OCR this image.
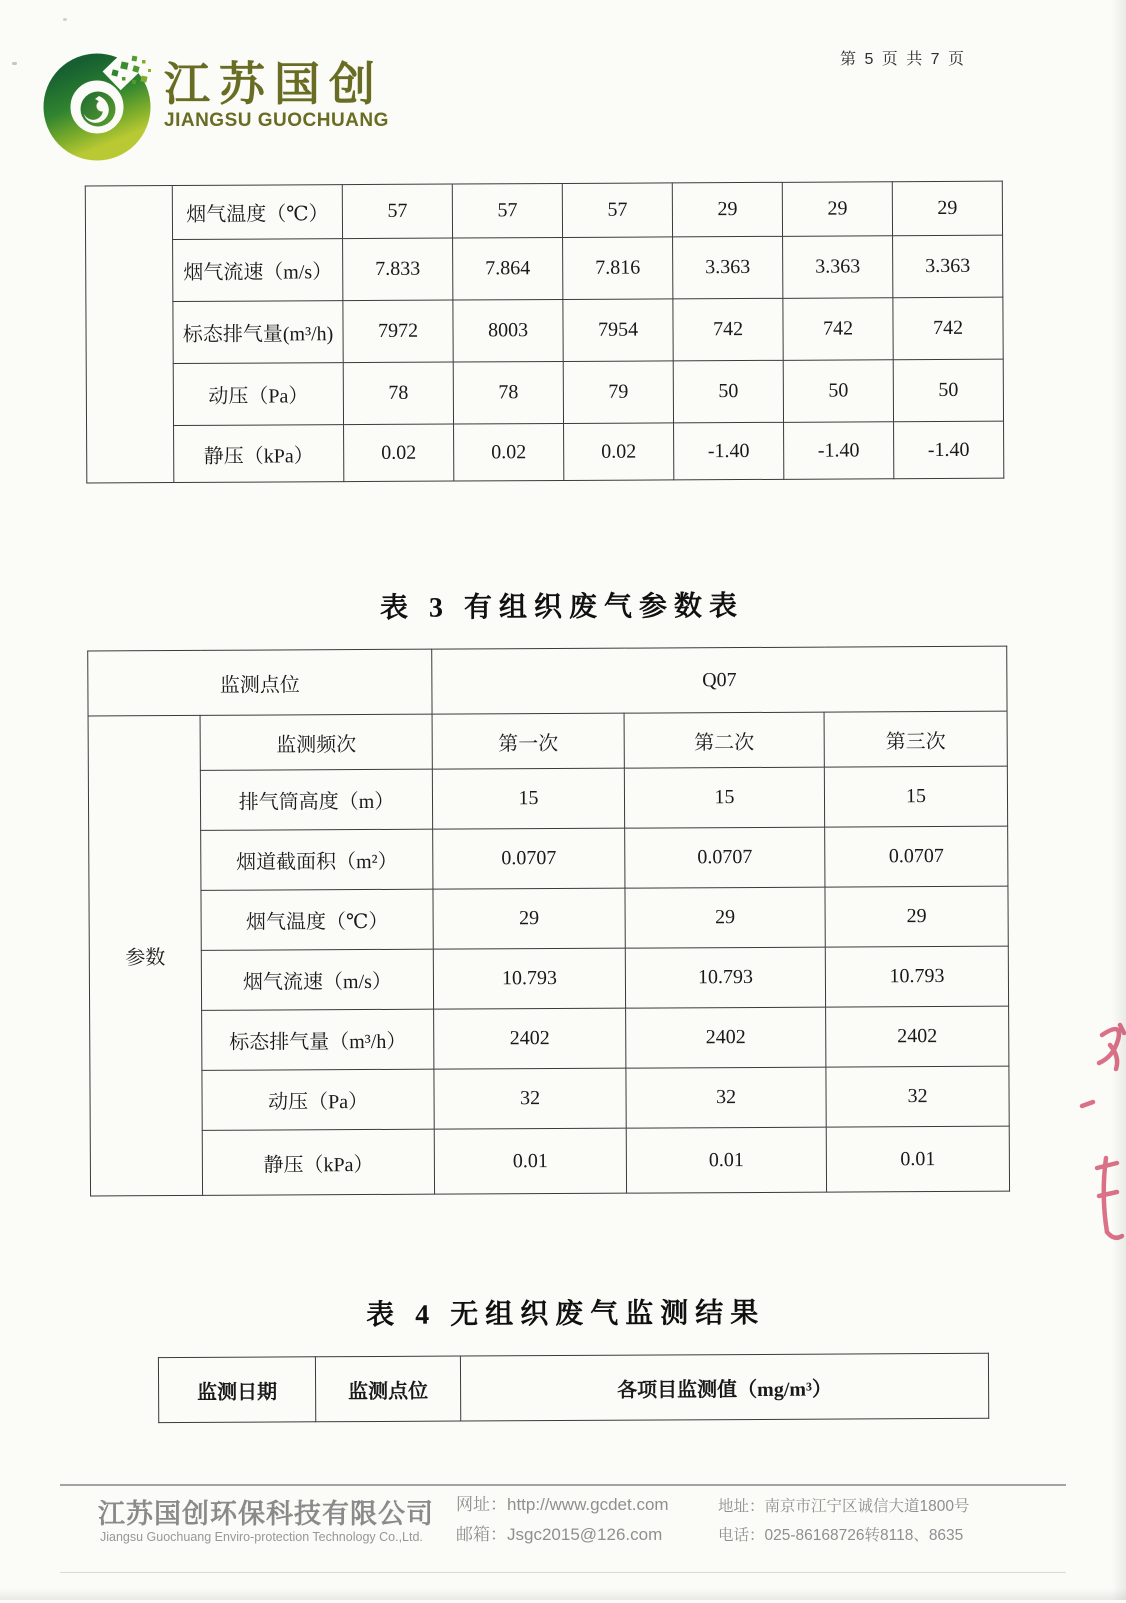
江苏国创
JIANGSU GUOCHUANG
第 5 页 共 7 页
	烟气温度（℃）	57	57	57	29	29	29
	烟气流速（m/s）	7.833	7.864	7.816	3.363	3.363	3.363
	标态排气量(m³/h)	7972	8003	7954	742	742	742
	动压（Pa）	78	78	79	50	50	50
	静压（kPa）	0.02	0.02	0.02	-1.40	-1.40	-1.40
表 3 有组织废气参数表
监测点位		Q07		
参数	监测频次	第一次	第二次	第三次
	排气筒高度（m）	15	15	15
	烟道截面积（m²）	0.0707	0.0707	0.0707
	烟气温度（℃）	29	29	29
	烟气流速（m/s）	10.793	10.793	10.793
	标态排气量（m³/h）	2402	2402	2402
	动压（Pa）	32	32	32
	静压（kPa）	0.01	0.01	0.01
表 4 无组织废气监测结果
监测日期	监测点位	各项目监测值（mg/m³）
江苏国创环保科技有限公司
Jiangsu Guochuang Enviro-protection Technology Co.,Ltd.
网址：http://www.gcdet.com
邮箱：Jsgc2015@126.com
地址：南京市江宁区诚信大道1800号
电话：025-86168726转8118、8635
